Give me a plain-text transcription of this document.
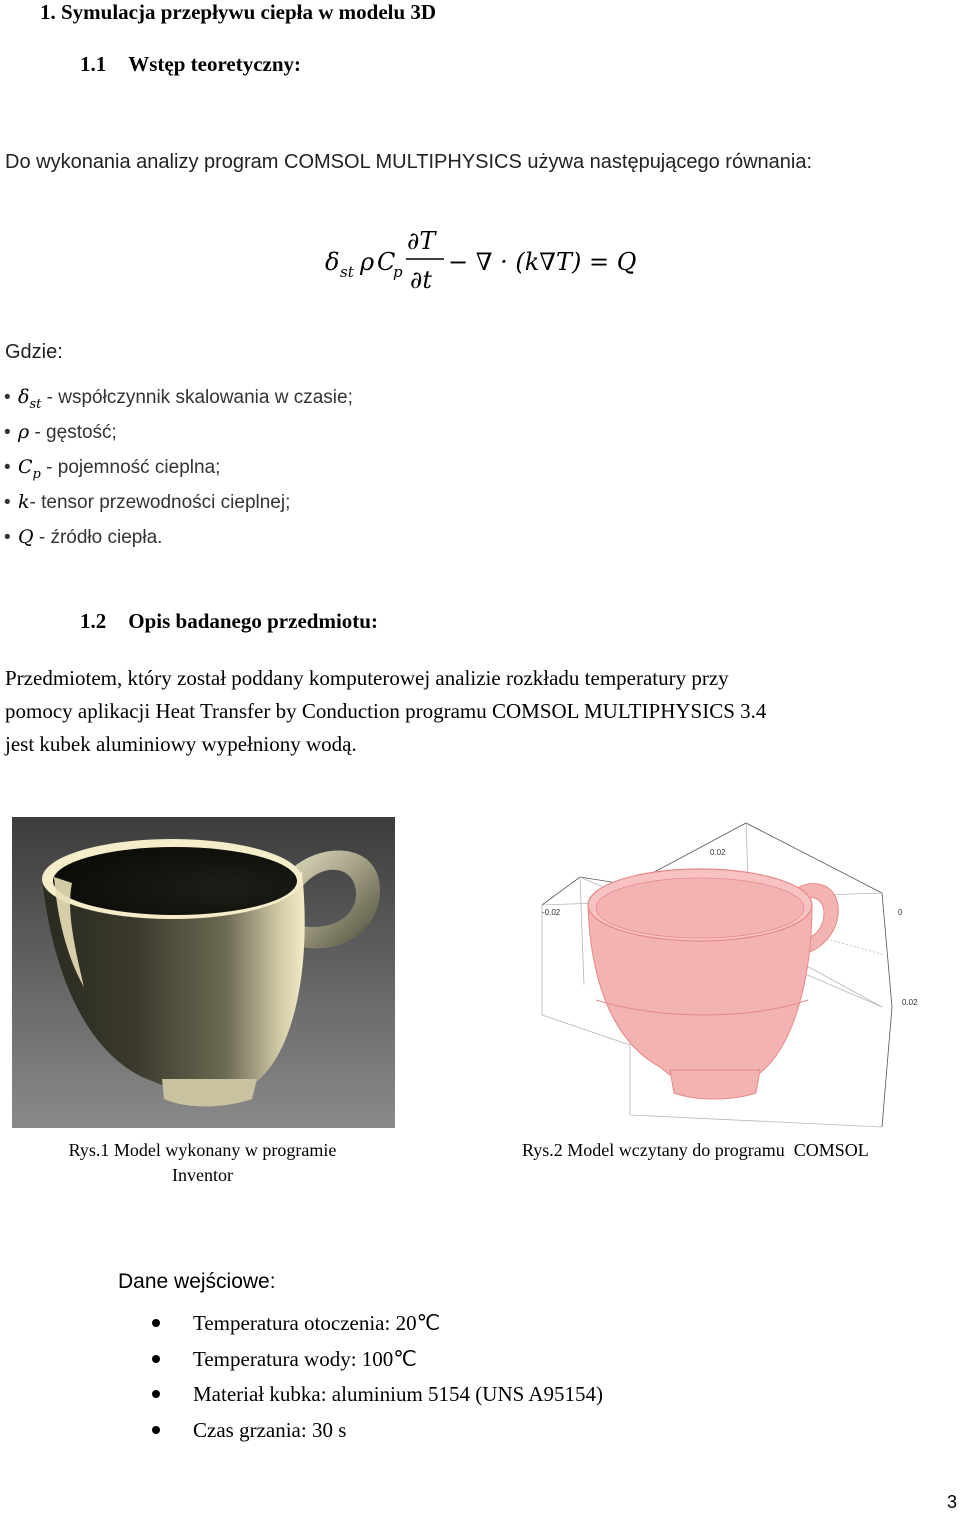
1. Symulacja przepływu ciepła w modelu 3D
1.1 Wstęp teoretyczny:
Do wykonania analizy program COMSOL MULTIPHYSICS używa następującego równania:
δ st ρ C
p
∂T
∂t
− ∇ · (k∇T) = Q
Gdzie:
• $\delta_{st}$ - współczynnik skalowania w czasie;
• ρ - gęstość;
• $C_p$ - pojemność cieplna;
• k- tensor przewodności cieplnej;
• Q - źródło ciepła.
1.2 Opis badanego przedmiotu:
Przedmiotem, który został poddany komputerowej analizie rozkładu temperatury przy
pomocy aplikacji Heat Transfer by Conduction programu COMSOL MULTIPHYSICS 3.4
jest kubek aluminiowy wypełniony wodą.
0.02
-0.02	0
0.02
Rys.1 Model wykonany w programie
Inventor
Rys.2 Model wczytany do programu  COMSOL
Dane wejściowe:
Temperatura otoczenia: 20℃
Temperatura wody: 100℃
Materiał kubka: aluminium 5154 (UNS A95154)
Czas grzania: 30 s
3
